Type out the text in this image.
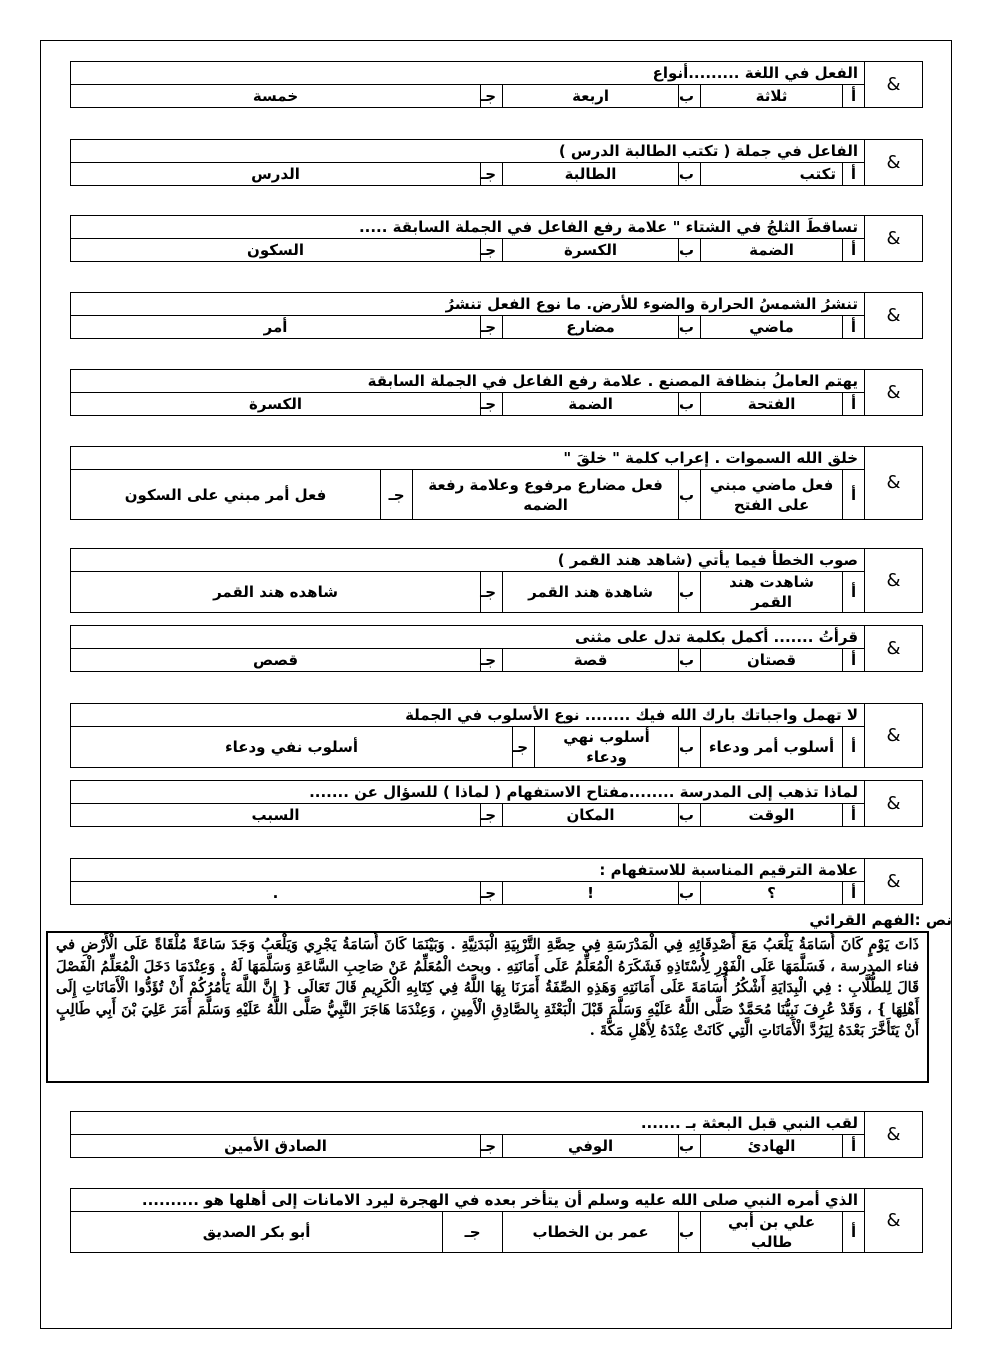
&	الفعل في اللغة .........أنواع					
	أ	ثلاثة	ب	اربعة	جـ	خمسة
&	الفاعل في جملة ( تكتب الطالبة الدرس )					
	أ	تكتب	ب	الطالبة	جـ	الدرس
&	تساقطَ الثلجُ في الشتاء " علامة رفع الفاعل في الجملة السابقة .....					
	أ	الضمة	ب	الكسرة	جـ	السكون
&	تنشرُ الشمسُ الحرارة والضوء للأرض. ما نوع الفعل تنشرُ					
	أ	ماضي	ب	مضارع	جـ	أمر
&	يهتم العاملُ بنظافة المصنع . علامة رفع الفاعل في الجملة السابقة					
	أ	الفتحة	ب	الضمة	جـ	الكسرة
&	خلق الله السموات . إعراب كلمة " خلقَ "					
	أ	فعل ماضي مبني على الفتح	ب	فعل مضارع مرفوع وعلامة رفعة الضمه	جـ	فعل أمر مبني على السكون
&	صوب الخطأ فيما يأتي (شاهد هند القمر )					
	أ	شاهدت هند القمر	ب	شاهدة هند القمر	جـ	شاهده هند القمر
&	قرأتُ ....... أكمل بكلمة تدل على مثنى					
	أ	قصتان	ب	قصة	جـ	قصص
&	لا تهمل واجباتك بارك الله فيك ........ نوع الأسلوب في الجملة					
	أ	أسلوب أمر ودعاء	ب	أسلوب نهي ودعاء	جـ	أسلوب نفي ودعاء
&	لماذا تذهب إلى المدرسة ........مفتاح الاستفهام ( لماذا ) للسؤال عن .......					
	أ	الوقت	ب	المكان	جـ	السبب
&	علامة الترقيم المناسبة للاستفهام :					
	أ	؟	ب	!	جـ	.
نص :الفهم القرائي
ذَاتَ يَوْمٍ كَانَ أُسَامَةُ يَلْعَبُ مَعَ أَصْدِقَائِهِ فِي الْمَدْرَسَةِ فِي حِصَّةِ التَّرْبِيَةِ الْبَدَنِيَّةِ . وَبَيْنَمَا كَانَ أُسَامَةُ يَجْرِي وَيَلْعَبُ وَجَدَ سَاعَةً مُلْقَاةً عَلَى الْأَرْضِ في فناء المدرسة ، فَسَلَّمَهَا عَلَى الْفَوْرِ لِأُسْتَاذِهِ فَشَكَرَهُ الْمُعَلِّمُ عَلَى أَمَانَتِهِ . وبحث الْمُعَلِّمُ عَنْ صَاحِبِ السَّاعَةِ وَسَلَّمَهَا لَهُ . وَعِنْدَمَا دَخَلَ الْمُعَلِّمُ الْفَصْلَ قَالَ لِلطُّلَّابِ : فِي الْبِدَايَةِ أَشْكُرُ أُسَامَةَ عَلَى أَمَانَتِهِ وَهَذِهِ الصِّفَةُ أَمَرَنَا بِهَا اللَّهُ فِي كِتَابِهِ الْكَرِيمِ قَالَ تَعَالَى { إِنَّ اللَّهَ يَأْمُرُكُمْ أَنْ تُؤَدُّوا الْأَمَانَاتِ إِلَى أَهْلِهَا } ، وَقَدْ عُرِفَ نَبِيُّنَا مُحَمَّدٌ صَلَّى اللَّهُ عَلَيْهِ وَسَلَّمَ قَبْلَ الْبَعْثَةِ بِالصَّادِقِ الْأَمِينِ ، وَعِنْدَمَا هَاجَرَ النَّبِيُّ صَلَّى اللَّهُ عَلَيْهِ وَسَلَّمَ أَمَرَ عَلِيَ بْنَ أَبِي طَالِبٍ أَنْ يَتَأَخَّرَ بَعْدَهُ لِيَرُدَّ الْأَمَانَاتِ الَّتِي كَانَتْ عِنْدَهُ لِأَهْلِ مَكَّةَ .
&	لقب النبي قبل البعثة بـ .......					
	أ	الهادئ	ب	الوفي	جـ	الصادق الأمين
&	الذي أمره النبي صلى الله عليه وسلم أن يتأخر بعده في الهجرة ليرد الامانات إلى أهلها هو ..........					
	أ	علي بن أبي طالب	ب	عمر بن الخطاب	جـ	أبو بكر الصديق
